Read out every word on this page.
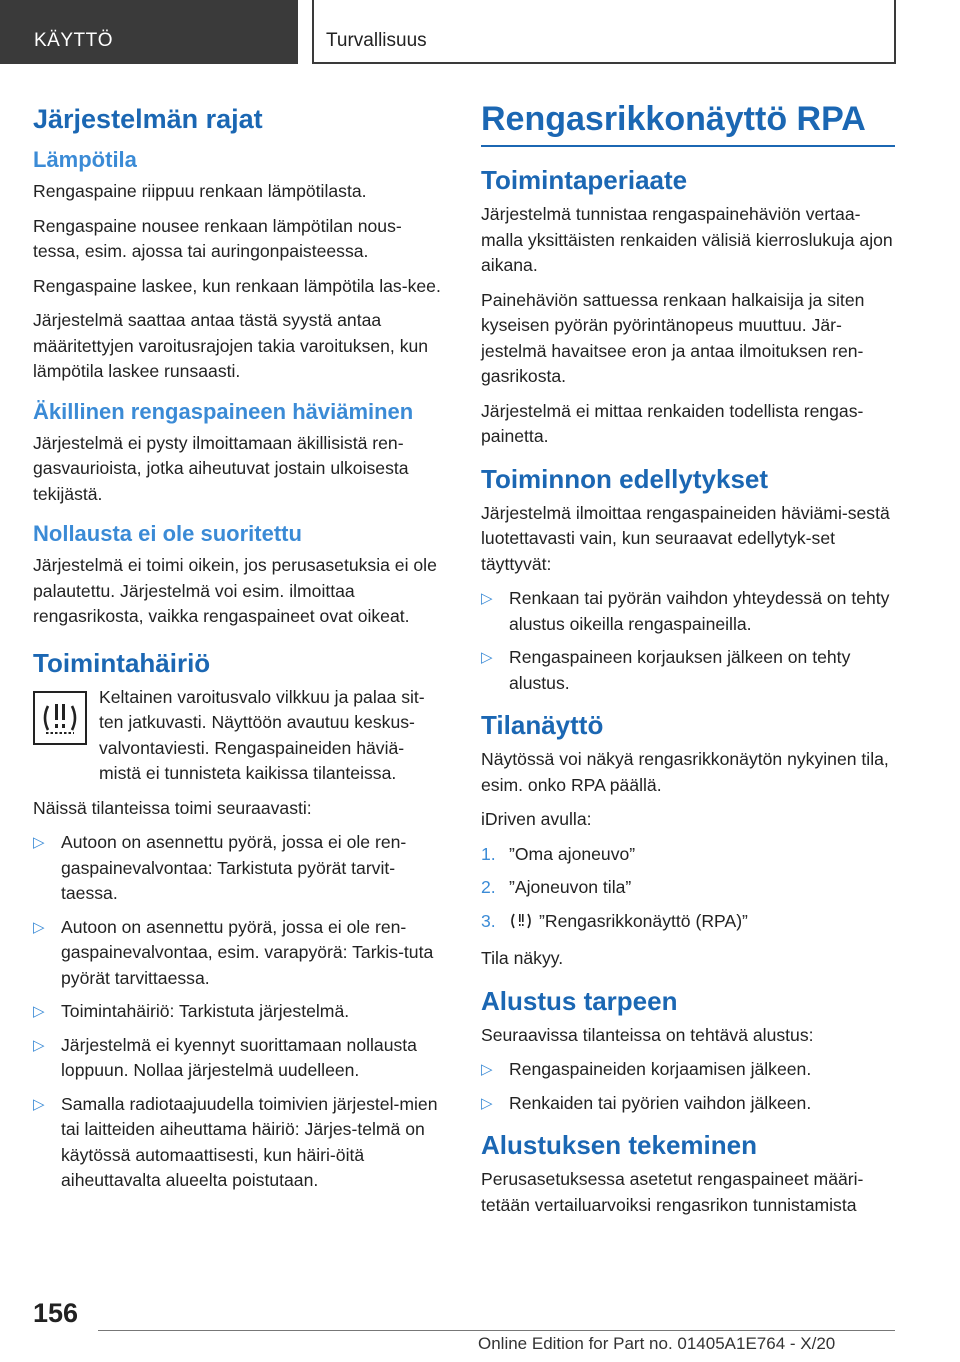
KÄYTTÖ	Turvallisuus
Järjestelmän rajat
Lämpötila

Rengaspaine riippuu renkaan lämpötilasta.

Rengaspaine nousee renkaan lämpötilan nous-tessa, esim. ajossa tai auringonpaisteessa.

Rengaspaine laskee, kun renkaan lämpötila las-kee.

Järjestelmä saattaa antaa tästä syystä antaa määritettyjen varoitusrajojen takia varoituksen, kun lämpötila laskee runsaasti.

Äkillinen rengaspaineen häviäminen

Järjestelmä ei pysty ilmoittamaan äkillisistä ren-gasvaurioista, jotka aiheutuvat jostain ulkoisesta tekijästä.

Nollausta ei ole suoritettu

Järjestelmä ei toimi oikein, jos perusasetuksia ei ole palautettu. Järjestelmä voi esim. ilmoittaa rengasrikosta, vaikka rengaspaineet ovat oikeat.

Toimintahäiriö

Keltainen varoitusvalo vilkkuu ja palaa sit-ten jatkuvasti. Näyttöön avautuu keskus-valvontaviesti. Rengaspaineiden häviä-mistä ei tunnisteta kaikissa tilanteissa.

Näissä tilanteissa toimi seuraavasti:

▷ Autoon on asennettu pyörä, jossa ei ole ren-gaspainevalvontaa: Tarkistuta pyörät tarvit-taessa.
▷ Autoon on asennettu pyörä, jossa ei ole ren-gaspainevalvontaa, esim. varapyörä: Tarkis-tuta pyörät tarvittaessa.
▷ Toimintahäiriö: Tarkistuta järjestelmä.
▷ Järjestelmä ei kyennyt suorittamaan nollausta loppuun. Nollaa järjestelmä uudelleen.
▷ Samalla radiotaajuudella toimivien järjestel-mien tai laitteiden aiheuttama häiriö: Järjes-telmä on käytössä automaattisesti, kun häiri-öitä aiheuttavalta alueelta poistutaan.
Rengasrikkonäyttö RPA
Toimintaperiaate

Järjestelmä tunnistaa rengaspainehäviön vertaa-malla yksittäisten renkaiden välisiä kierroslukuja ajon aikana.

Painehäviön sattuessa renkaan halkaisija ja siten kyseisen pyörän pyörintänopeus muuttuu. Jär-jestelmä havaitsee eron ja antaa ilmoituksen ren-gasrikosta.

Järjestelmä ei mittaa renkaiden todellista rengas-painetta.

Toiminnon edellytykset

Järjestelmä ilmoittaa rengaspaineiden häviämi-sestä luotettavasti vain, kun seuraavat edellytyk-set täyttyvät:

▷ Renkaan tai pyörän vaihdon yhteydessä on tehty alustus oikeilla rengaspaineilla.
▷ Rengaspaineen korjauksen jälkeen on tehty alustus.
Tilanäyttö

Näytössä voi näkyä rengasrikkonäytön nykyinen tila, esim. onko RPA päällä.

iDriven avulla:

1. ”Oma ajoneuvo”
2. ”Ajoneuvon tila”
3. ”Rengasrikkonäyttö (RPA)”

Tila näkyy.

Alustus tarpeen

Seuraavissa tilanteissa on tehtävä alustus:

▷ Rengaspaineiden korjaamisen jälkeen.
▷ Renkaiden tai pyörien vaihdon jälkeen.
Alustuksen tekeminen

Perusasetuksessa asetetut rengaspaineet määri-tetään vertailuarvoiksi rengasrikon tunnistamista

156
Online Edition for Part no. 01405A1E764 - X/20
